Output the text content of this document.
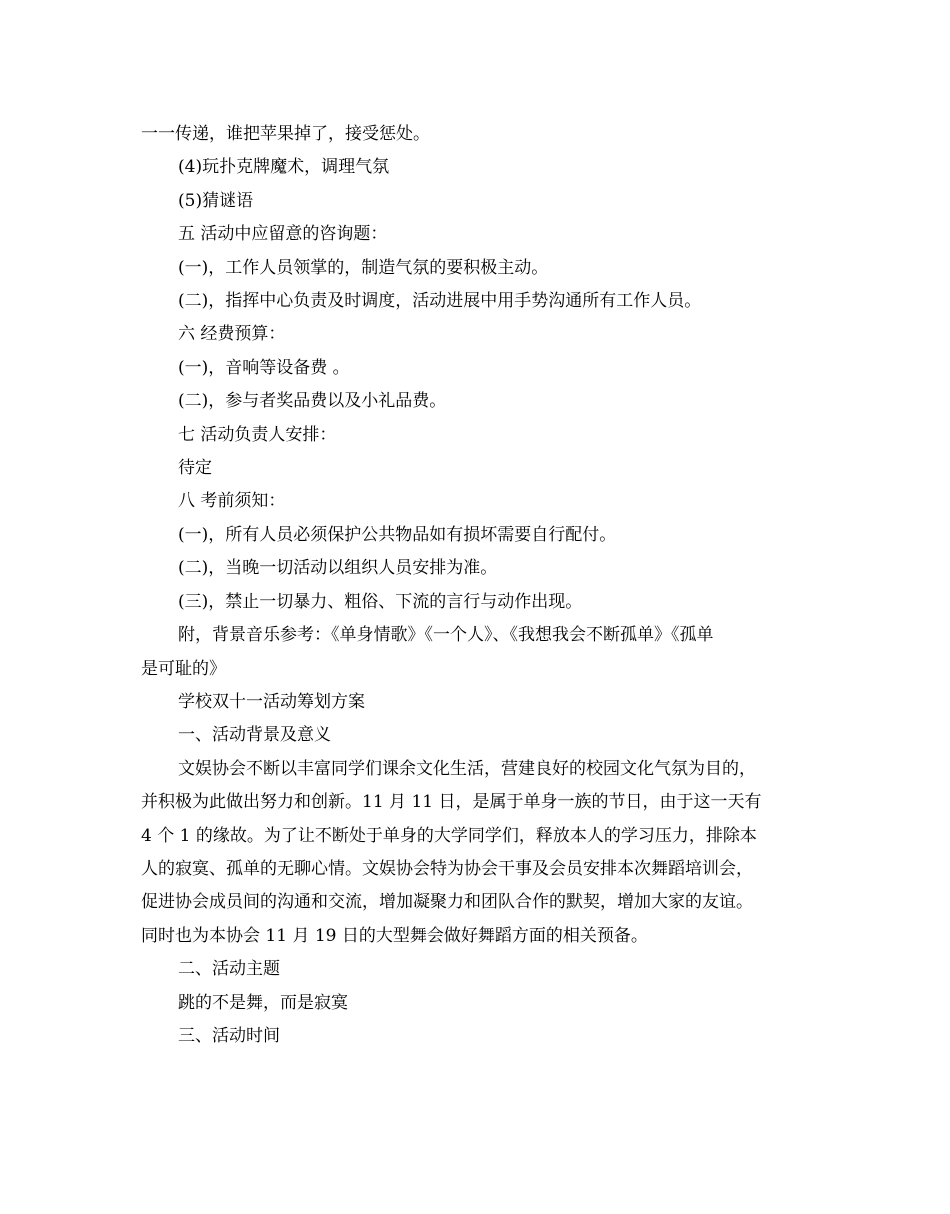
一一传递，谁把苹果掉了，接受惩处。
(4)玩扑克牌魔术，调理气氛
(5)猜谜语
五 活动中应留意的咨询题：
(一)，工作人员领掌的，制造气氛的要积极主动。
(二)，指挥中心负责及时调度，活动进展中用手势沟通所有工作人员。
六 经费预算：
(一)，音响等设备费 。
(二)，参与者奖品费以及小礼品费。
七 活动负责人安排：
待定
八 考前须知：
(一)，所有人员必须保护公共物品如有损坏需要自行配付。
(二)，当晚一切活动以组织人员安排为准。
(三)，禁止一切暴力、粗俗、下流的言行与动作出现。
附，背景音乐参考：《单身情歌》《一个人》、《我想我会不断孤单》《孤单
是可耻的》
学校双十一活动筹划方案
一、活动背景及意义
文娱协会不断以丰富同学们课余文化生活，营建良好的校园文化气氛为目的，
并积极为此做出努力和创新。11 月 11 日，是属于单身一族的节日，由于这一天有
4 个 1 的缘故。为了让不断处于单身的大学同学们，释放本人的学习压力，排除本
人的寂寞、孤单的无聊心情。文娱协会特为协会干事及会员安排本次舞蹈培训会，
促进协会成员间的沟通和交流，增加凝聚力和团队合作的默契，增加大家的友谊。
同时也为本协会 11 月 19 日的大型舞会做好舞蹈方面的相关预备。
二、活动主题
跳的不是舞，而是寂寞
三、活动时间
